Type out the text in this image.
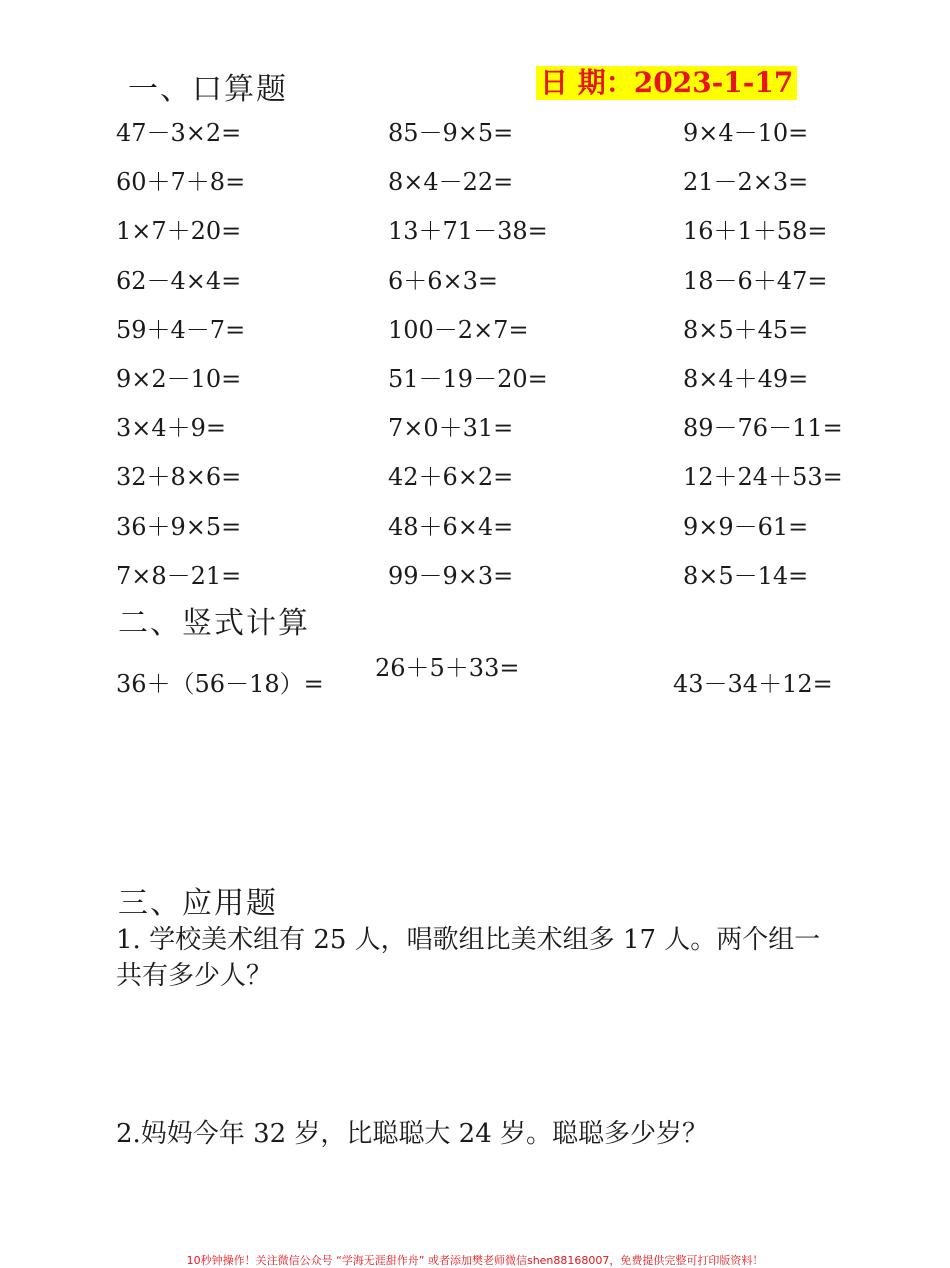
一、口算题	日 期：2023-1-17
47－3×2=	85－9×5=	9×4－10=
60＋7＋8=	8×4－22=	21－2×3=
1×7＋20=	13＋71－38=	16＋1＋58=
62－4×4=	6＋6×3=	18－6＋47=
59＋4－7=	100－2×7=	8×5＋45=
9×2－10=	51－19－20=	8×4＋49=
3×4＋9=	7×0＋31=	89－76－11=
32＋8×6=	42＋6×2=	12＋24＋53=
36＋9×5=	48＋6×4=	9×9－61=
7×8－21=	99－9×3=	8×5－14=
二、竖式计算
36＋（56－18）=
26＋5＋33=
43－34＋12=
三、应用题
1. 学校美术组有 25 人，唱歌组比美术组多 17 人。两个组一共有多少人？
2.妈妈今年 32 岁，比聪聪大 24 岁。聪聪多少岁？
10秒钟操作！关注微信公众号 “学海无涯甜作舟” 或者添加樊老师微信shen88168007，免费提供完整可打印版资料！
